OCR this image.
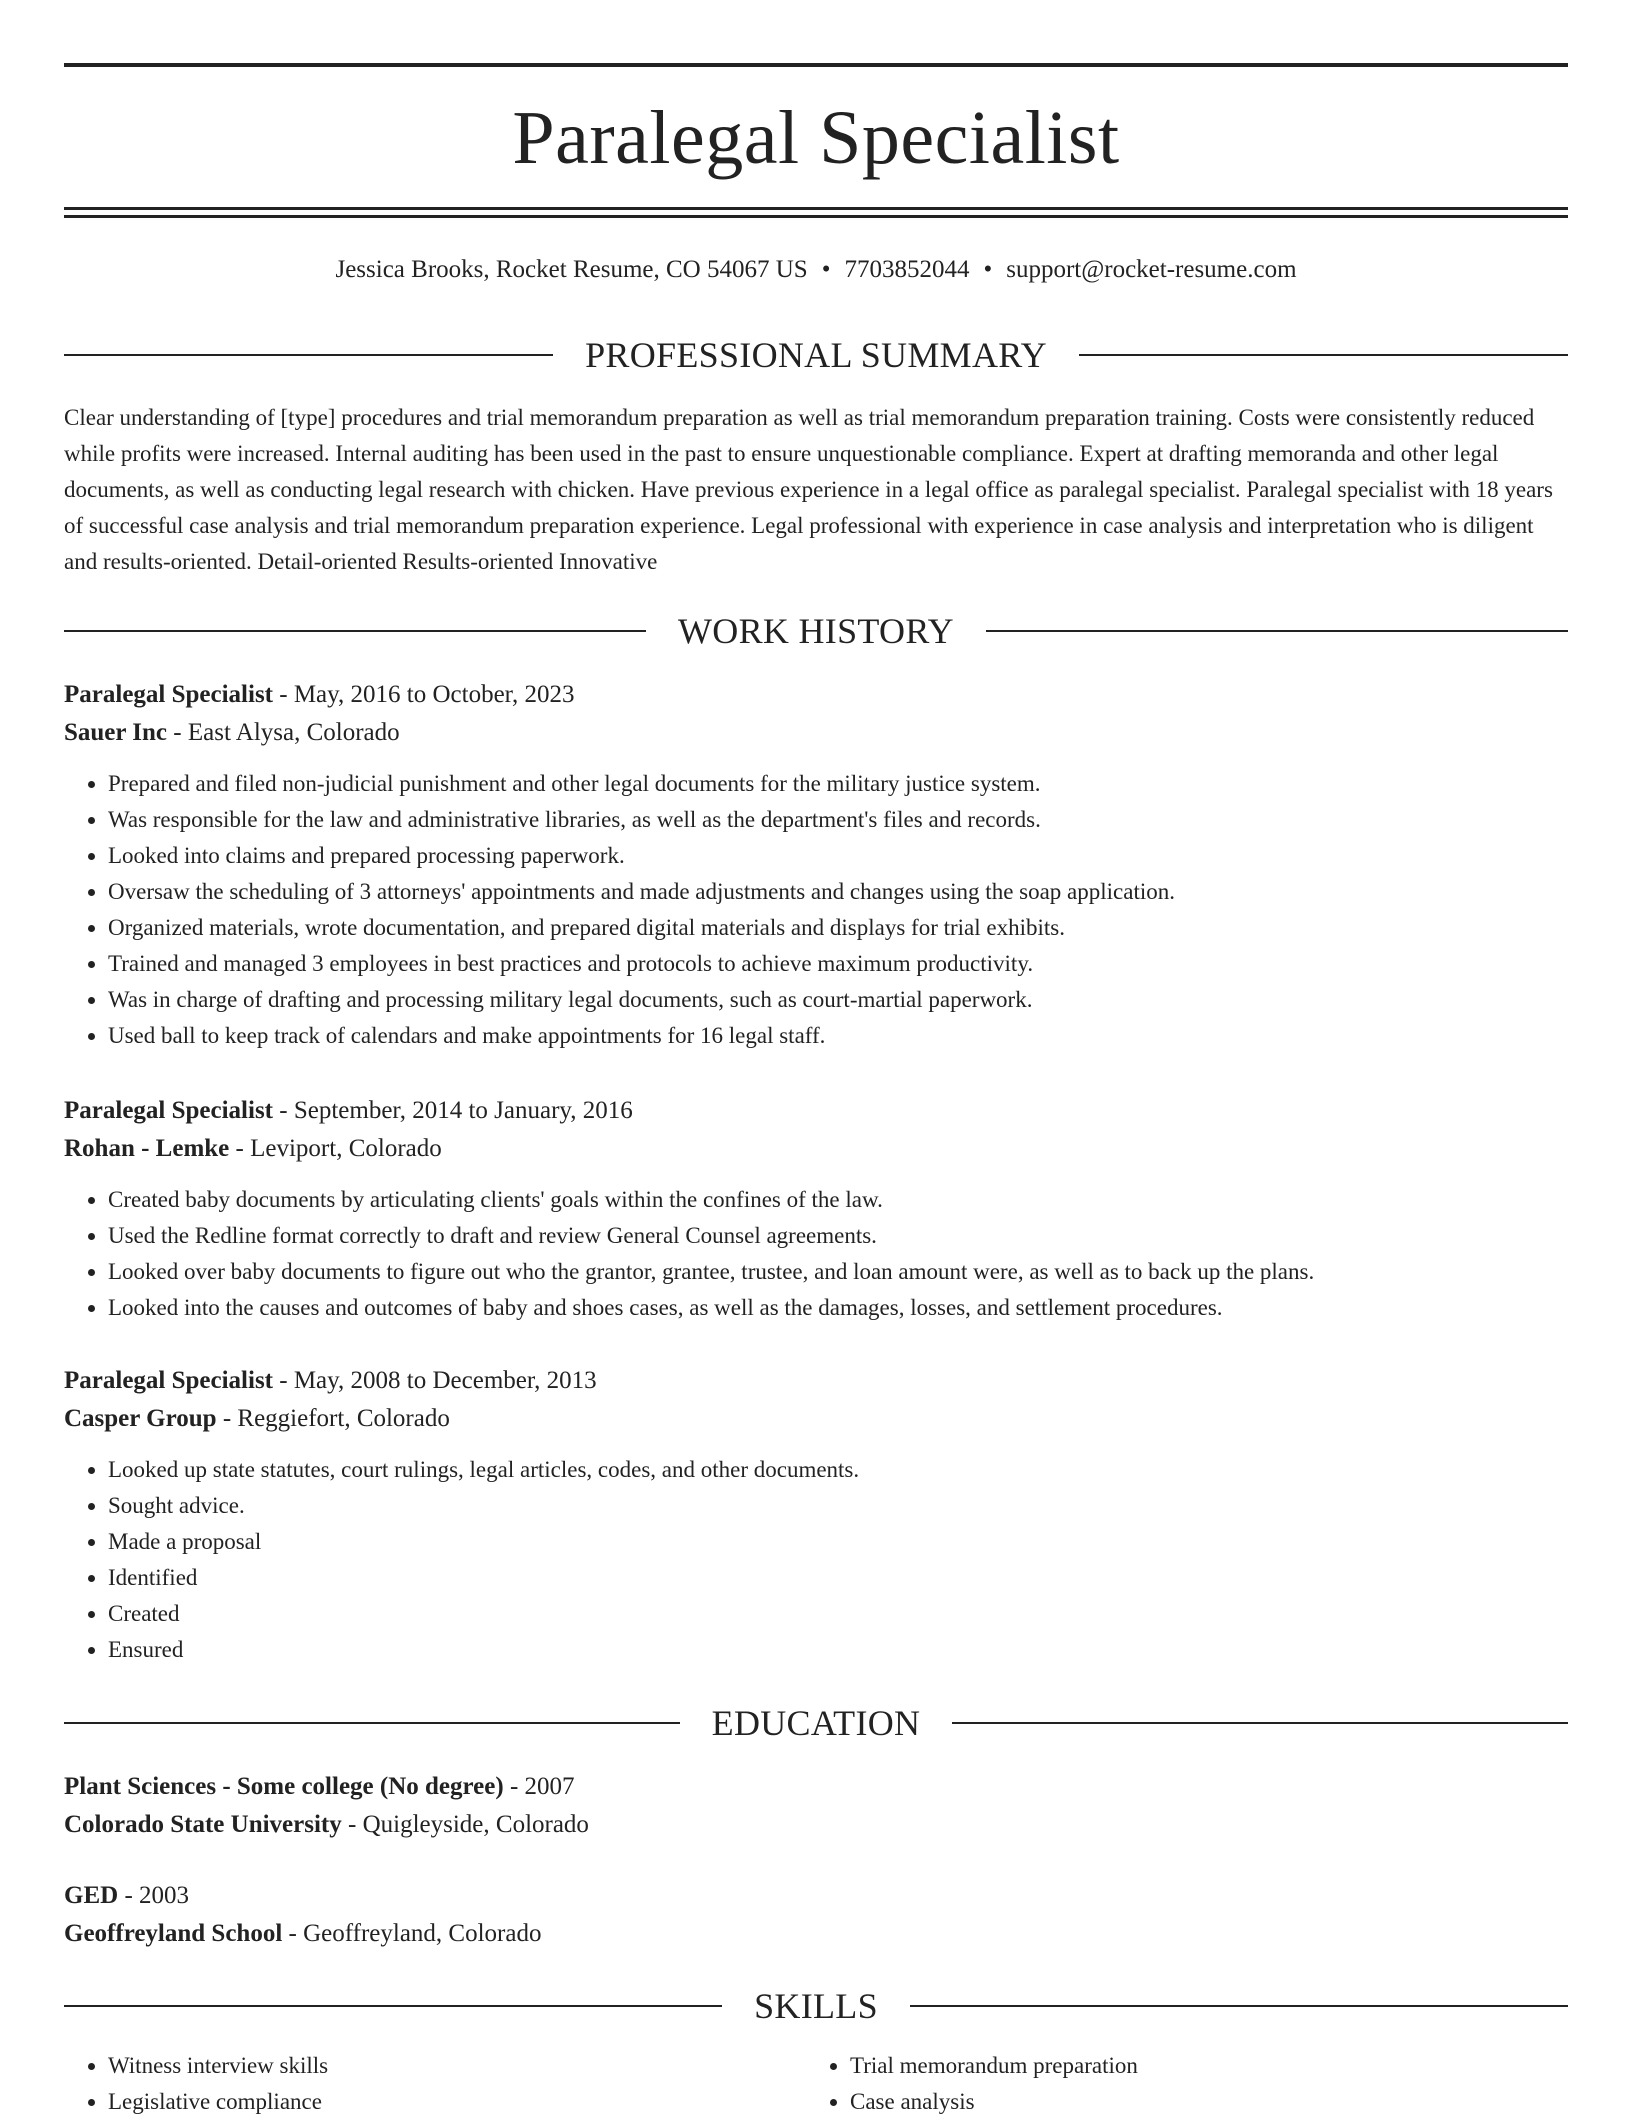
Paralegal Specialist
Jessica Brooks, Rocket Resume, CO 54067 US • 7703852044 • support@rocket-resume.com
PROFESSIONAL SUMMARY

Clear understanding of [type] procedures and trial memorandum preparation as well as trial memorandum preparation training. Costs were consistently reduced while profits were increased. Internal auditing has been used in the past to ensure unquestionable compliance. Expert at drafting memoranda and other legal documents, as well as conducting legal research with chicken. Have previous experience in a legal office as paralegal specialist. Paralegal specialist with 18 years of successful case analysis and trial memorandum preparation experience. Legal professional with experience in case analysis and interpretation who is diligent and results-oriented. Detail-oriented Results-oriented Innovative

WORK HISTORY
Paralegal Specialist - May, 2016 to October, 2023
Sauer Inc - East Alysa, Colorado
• Prepared and filed non-judicial punishment and other legal documents for the military justice system.
• Was responsible for the law and administrative libraries, as well as the department's files and records.
• Looked into claims and prepared processing paperwork.
• Oversaw the scheduling of 3 attorneys' appointments and made adjustments and changes using the soap application.
• Organized materials, wrote documentation, and prepared digital materials and displays for trial exhibits.
• Trained and managed 3 employees in best practices and protocols to achieve maximum productivity.
• Was in charge of drafting and processing military legal documents, such as court-martial paperwork.
• Used ball to keep track of calendars and make appointments for 16 legal staff.
Paralegal Specialist - September, 2014 to January, 2016
Rohan - Lemke - Leviport, Colorado
• Created baby documents by articulating clients' goals within the confines of the law.
• Used the Redline format correctly to draft and review General Counsel agreements.
• Looked over baby documents to figure out who the grantor, grantee, trustee, and loan amount were, as well as to back up the plans.
• Looked into the causes and outcomes of baby and shoes cases, as well as the damages, losses, and settlement procedures.
Paralegal Specialist - May, 2008 to December, 2013
Casper Group - Reggiefort, Colorado
• Looked up state statutes, court rulings, legal articles, codes, and other documents.
• Sought advice.
• Made a proposal
• Identified
• Created
• Ensured
EDUCATION
Plant Sciences - Some college (No degree) - 2007
Colorado State University - Quigleyside, Colorado
GED - 2003
Geoffreyland School - Geoffreyland, Colorado
SKILLS
• Witness interview skills
• Legislative compliance
• Trial memorandum preparation
• Case analysis
